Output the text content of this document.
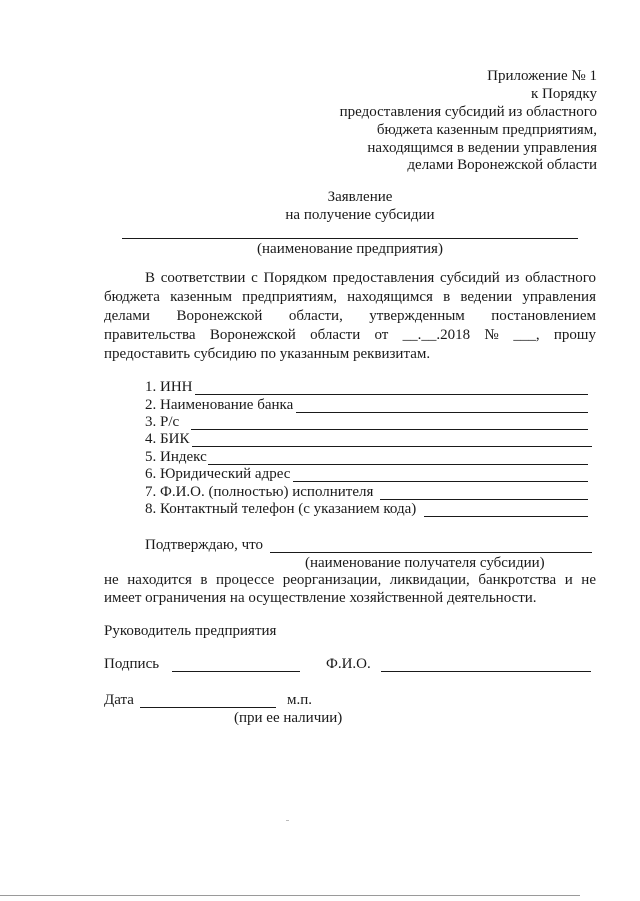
Приложение № 1
к Порядку
предоставления субсидий из областного
бюджета казенным предприятиям,
находящимся в ведении управления
делами Воронежской области
Заявление
на получение субсидии
(наименование предприятия)
В соответствии с Порядком предоставления субсидий из областного
бюджета казенным предприятиям, находящимся в ведении управления
делами Воронежской области, утвержденным постановлением
правительства Воронежской области от __.__.2018 № ___, прошу
предоставить субсидию по указанным реквизитам.
1. ИНН
2. Наименование банка
3. Р/с
4. БИК
5. Индекс
6. Юридический адрес
7. Ф.И.О. (полностью) исполнителя
8. Контактный телефон (с указанием кода)
Подтверждаю, что
(наименование получателя субсидии)
не находится в процессе реорганизации, ликвидации, банкротства и не
имеет ограничения на осуществление хозяйственной деятельности.
Руководитель предприятия
Подпись	Ф.И.О.
Дата	м.п.
(при ее наличии)
